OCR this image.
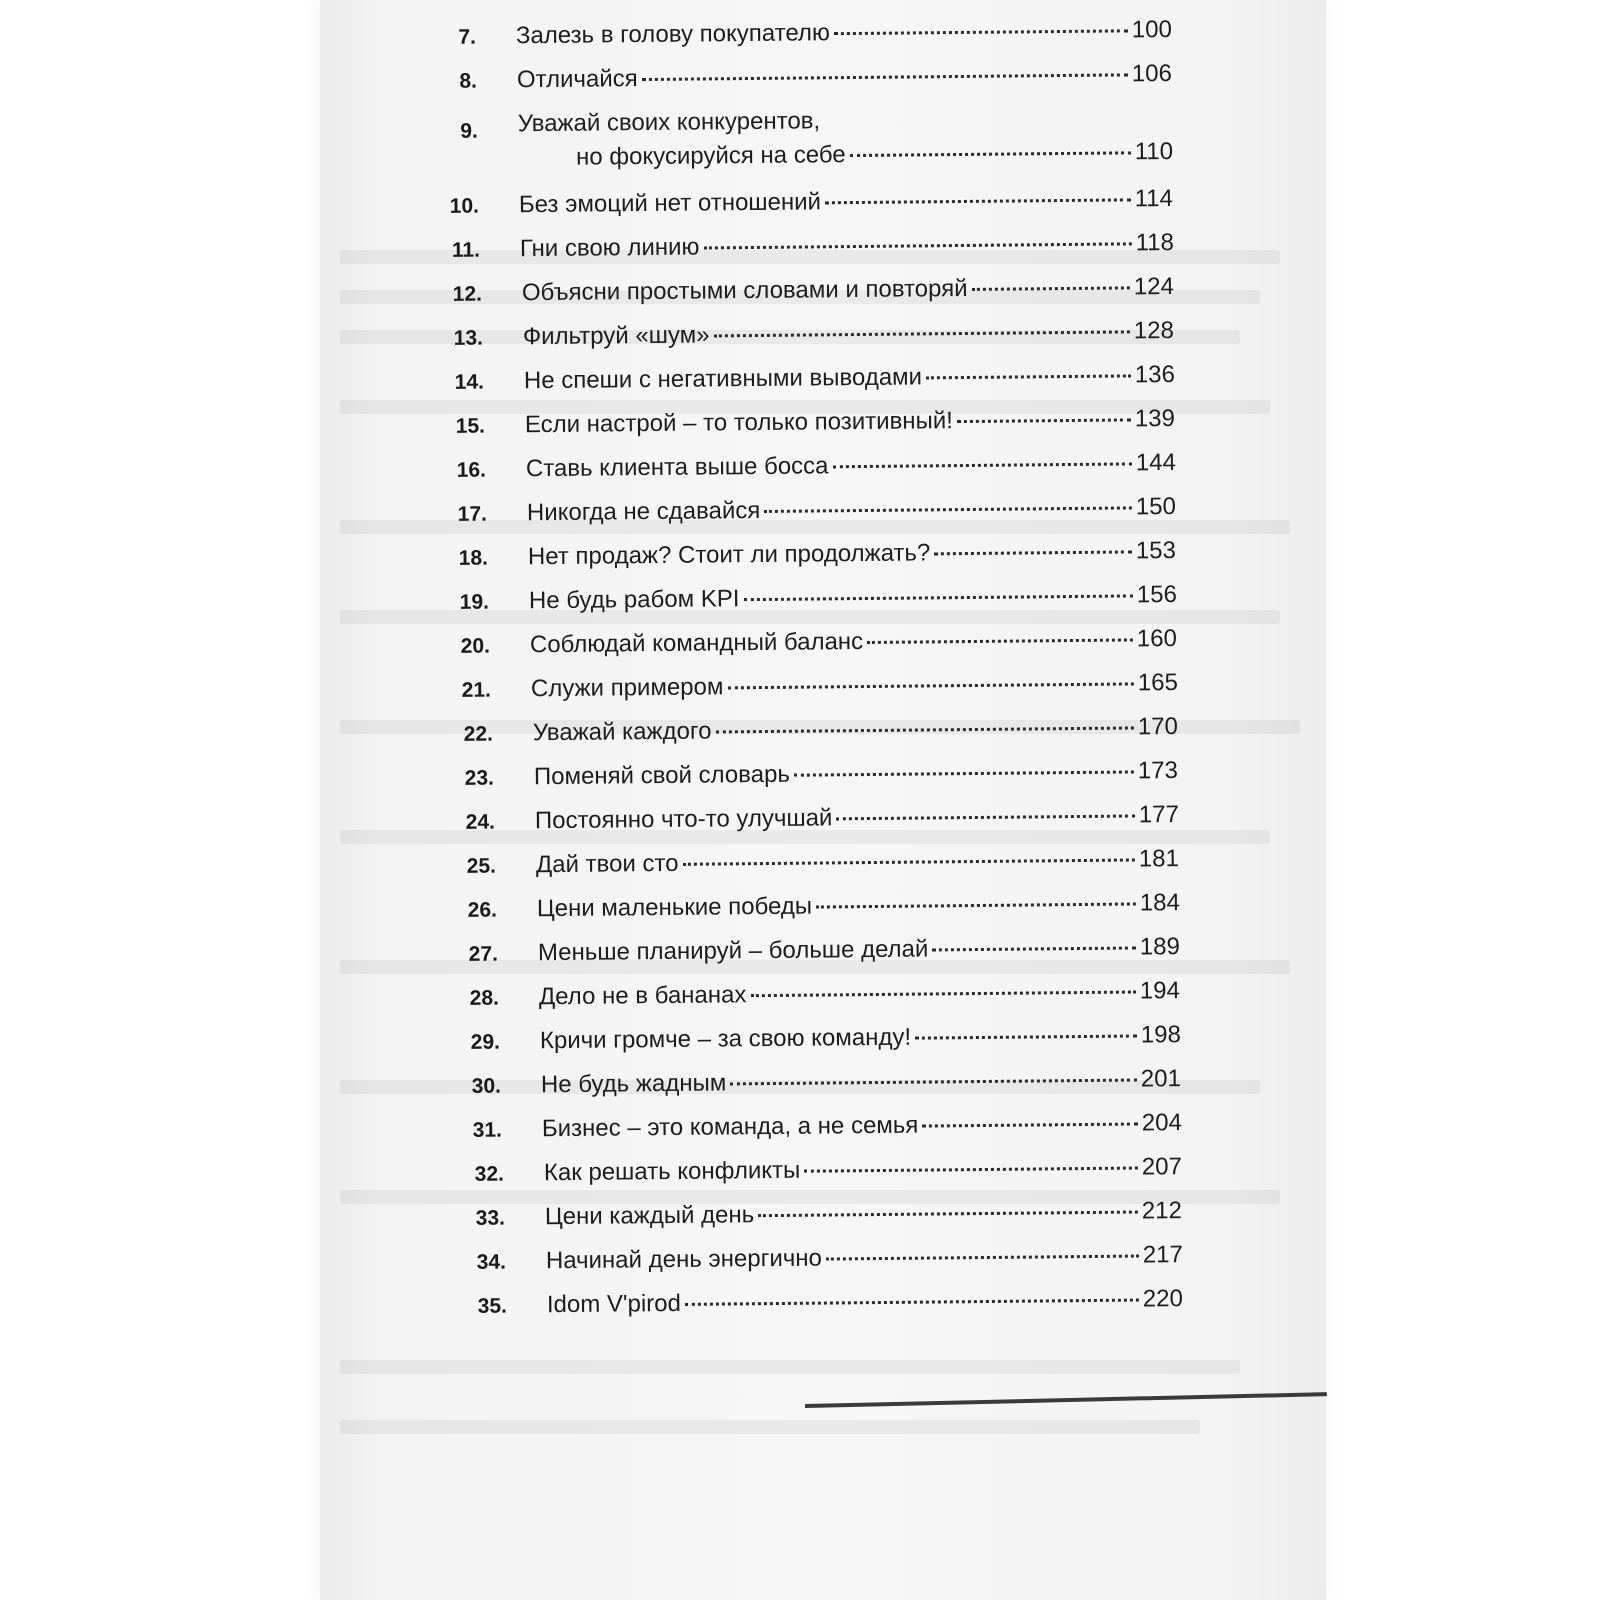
7. Залезь в голову покупателю	100
8. Отличайся	106
9. Уважай своих конкурентов,
но фокусируйся на себе	110
10. Без эмоций нет отношений	114
11. Гни свою линию	118
12. Объясни простыми словами и повторяй	124
13. Фильтруй «шум»	128
14. Не спеши с негативными выводами	136
15. Если настрой – то только позитивный!	139
16. Ставь клиента выше босса	144
17. Никогда не сдавайся	150
18. Нет продаж? Стоит ли продолжать?	153
19. Не будь рабом KPI	156
20. Соблюдай командный баланс	160
21. Служи примером	165
22. Уважай каждого	170
23. Поменяй свой словарь	173
24. Постоянно что-то улучшай	177
25. Дай твои сто	181
26. Цени маленькие победы	184
27. Меньше планируй – больше делай	189
28. Дело не в бананах	194
29. Кричи громче – за свою команду!	198
30. Не будь жадным	201
31. Бизнес – это команда, а не семья	204
32. Как решать конфликты	207
33. Цени каждый день	212
34. Начинай день энергично	217
35. Idom V'pirod	220
